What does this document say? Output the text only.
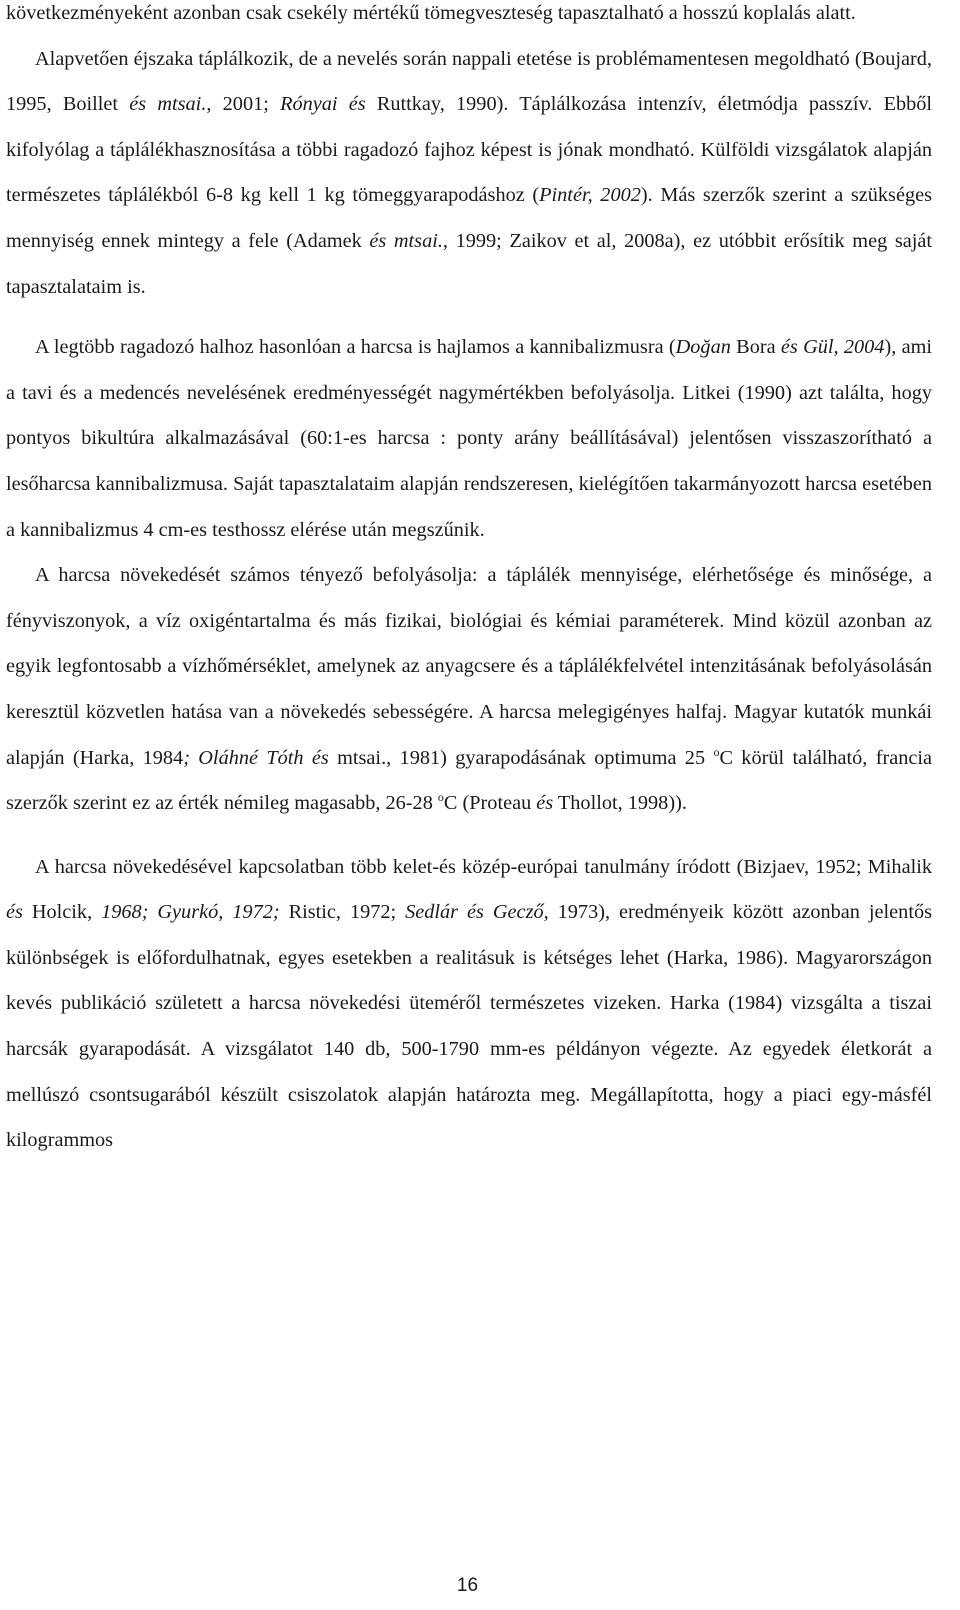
következményeként azonban csak csekély mértékű tömegveszteség tapasztalható a hosszú koplalás alatt.

Alapvetően éjszaka táplálkozik, de a nevelés során nappali etetése is problémamentesen megoldható (Boujard, 1995, Boillet és mtsai., 2001; Rónyai és Ruttkay, 1990). Táplálkozása intenzív, életmódja passzív. Ebből kifolyólag a táplálékhasznosítása a többi ragadozó fajhoz képest is jónak mondható. Külföldi vizsgálatok alapján természetes táplálékból 6-8 kg kell 1 kg tömeggyarapodáshoz (Pintér, 2002). Más szerzők szerint a szükséges mennyiség ennek mintegy a fele (Adamek és mtsai., 1999; Zaikov et al, 2008a), ez utóbbit erősítik meg saját tapasztalataim is.

A legtöbb ragadozó halhoz hasonlóan a harcsa is hajlamos a kannibalizmusra (Doğan Bora és Gül, 2004), ami a tavi és a medencés nevelésének eredményességét nagymértékben befolyásolja. Litkei (1990) azt találta, hogy pontyos bikultúra alkalmazásával (60:1-es harcsa : ponty arány beállításával) jelentősen visszaszorítható a lesőharcsa kannibalizmusa. Saját tapasztalataim alapján rendszeresen, kielégítően takarmányozott harcsa esetében a kannibalizmus 4 cm-es testhossz elérése után megszűnik.

A harcsa növekedését számos tényező befolyásolja: a táplálék mennyisége, elérhetősége és minősége, a fényviszonyok, a víz oxigéntartalma és más fizikai, biológiai és kémiai paraméterek. Mind közül azonban az egyik legfontosabb a vízhőmérséklet, amelynek az anyagcsere és a táplálékfelvétel intenzitásának befolyásolásán keresztül közvetlen hatása van a növekedés sebességére. A harcsa melegigényes halfaj. Magyar kutatók munkái alapján (Harka, 1984; Oláhné Tóth és mtsai., 1981) gyarapodásának optimuma 25 $^o$C körül található, francia szerzők szerint ez az érték némileg magasabb, 26-28 $^o$C (Proteau és Thollot, 1998)).

A harcsa növekedésével kapcsolatban több kelet-és közép-európai tanulmány íródott (Bizjaev, 1952; Mihalik és Holcik, 1968; Gyurkó, 1972; Ristic, 1972; Sedlár és Gecző, 1973), eredményeik között azonban jelentős különbségek is előfordulhatnak, egyes esetekben a realitásuk is kétséges lehet (Harka, 1986). Magyarországon kevés publikáció született a harcsa növekedési üteméről természetes vizeken. Harka (1984) vizsgálta a tiszai harcsák gyarapodását. A vizsgálatot 140 db, 500-1790 mm-es példányon végezte. Az egyedek életkorát a mellúszó csontsugarából készült csiszolatok alapján határozta meg. Megállapította, hogy a piaci egy-másfél kilogrammos

16
